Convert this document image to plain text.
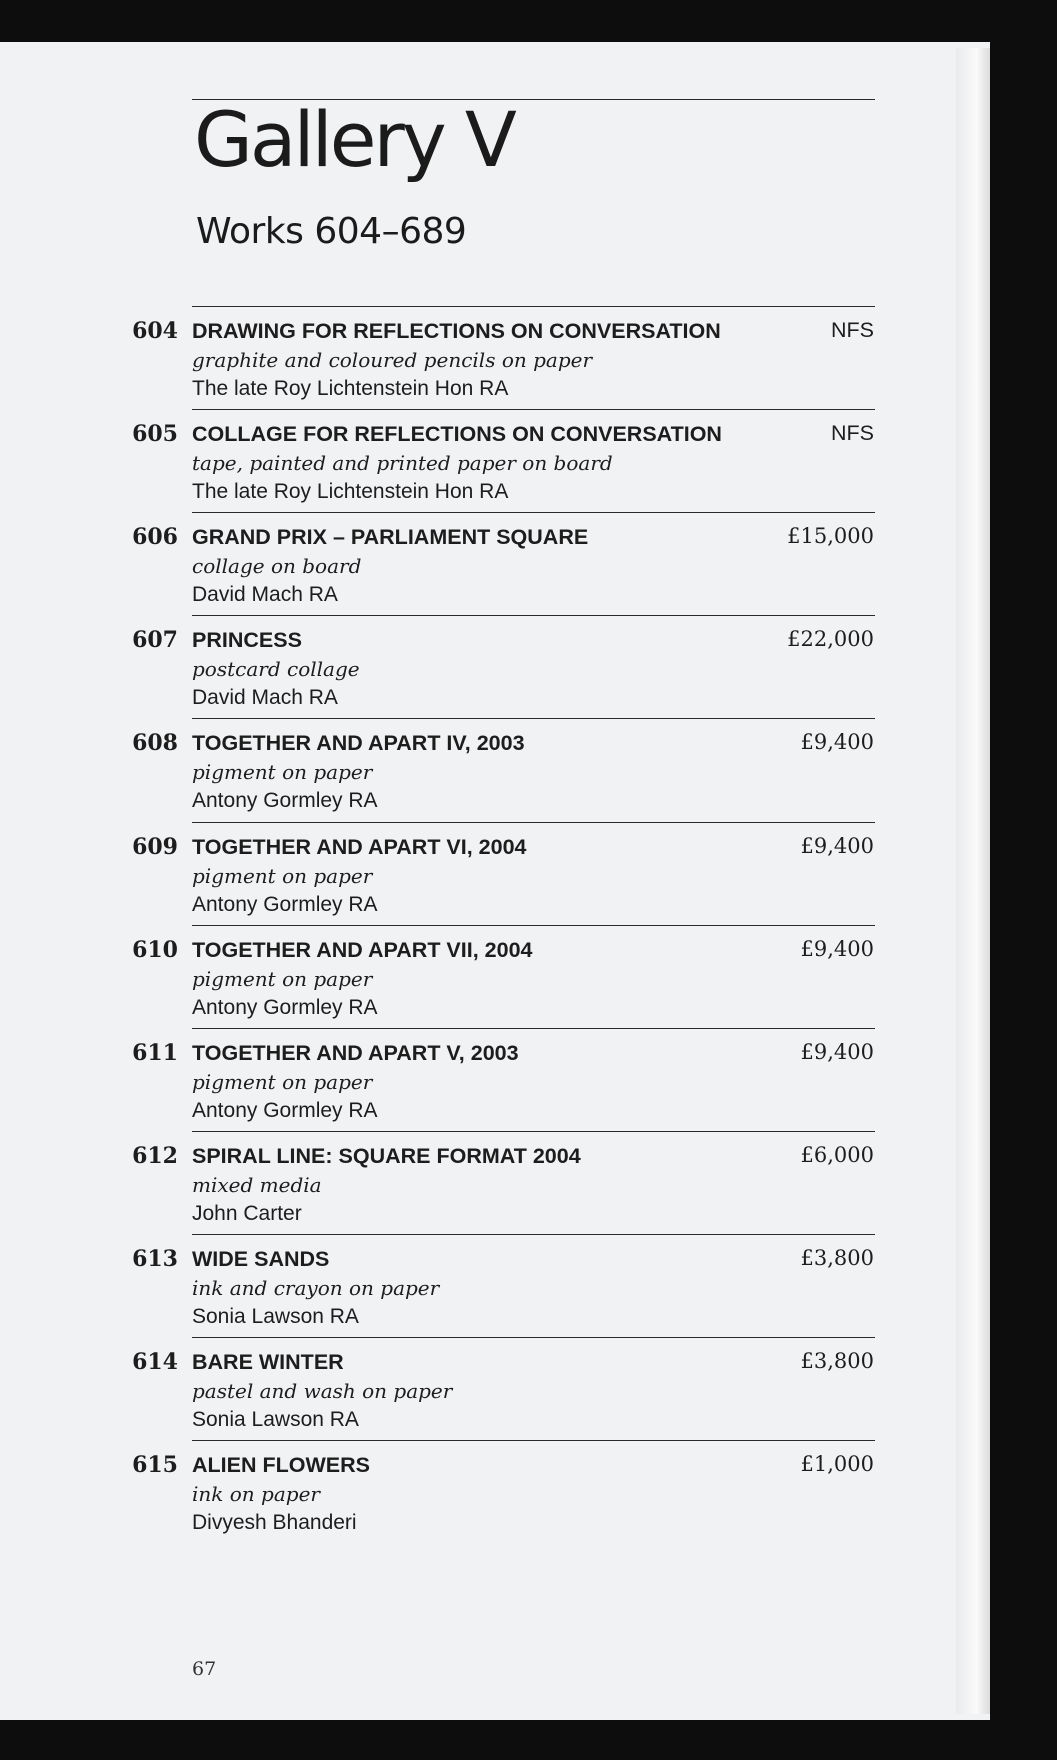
Gallery V
Works 604–689
604 DRAWING FOR REFLECTIONS ON CONVERSATION
graphite and coloured pencils on paper
The late Roy Lichtenstein Hon RA
NFS
605 COLLAGE FOR REFLECTIONS ON CONVERSATION
tape, painted and printed paper on board
The late Roy Lichtenstein Hon RA
NFS
606 GRAND PRIX – PARLIAMENT SQUARE
collage on board
David Mach RA
£15,000
607 PRINCESS
postcard collage
David Mach RA
£22,000
608 TOGETHER AND APART IV, 2003
pigment on paper
Antony Gormley RA
£9,400
609 TOGETHER AND APART VI, 2004
pigment on paper
Antony Gormley RA
£9,400
610 TOGETHER AND APART VII, 2004
pigment on paper
Antony Gormley RA
£9,400
611 TOGETHER AND APART V, 2003
pigment on paper
Antony Gormley RA
£9,400
612 SPIRAL LINE: SQUARE FORMAT 2004
mixed media
John Carter
£6,000
613 WIDE SANDS
ink and crayon on paper
Sonia Lawson RA
£3,800
614 BARE WINTER
pastel and wash on paper
Sonia Lawson RA
£3,800
615 ALIEN FLOWERS
ink on paper
Divyesh Bhanderi
£1,000
67
